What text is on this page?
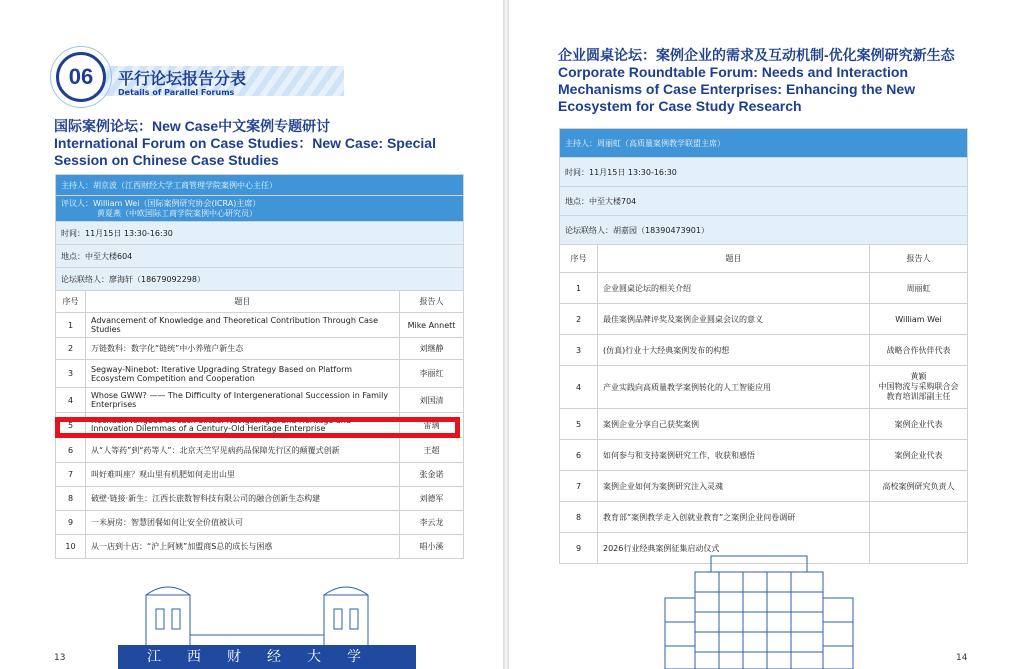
06	平行论坛报告分表
Details of Parallel Forums
国际案例论坛：New Case中文案例专题研讨
International Forum on Case Studies：New Case: Special
Session on Chinese Case Studies
主持人：胡京波（江西财经大学工商管理学院案例中心主任）		

评议人：William Wei（国际案例研究协会(ICRA)主席）
黄夏燕（中欧国际工商学院案例中心研究员）		

时间：11月15日 13:30-16:30		
地点：中至大楼604		
论坛联络人：廖海轩（18679092298）		
序号	题目	报告人
1	Advancement of Knowledge and Theoretical Contribution Through Case Studies	Mike Annett
2	万链数科：数字化“链统”中小养殖户新生态	刘继静
3	Segway-Ninebot: Iterative Upgrading Strategy Based on Platform Ecosystem Competition and Cooperation	李丽红
4	Whose GWW? —— The Difficulty of Intergenerational Succession in Family Enterprises	刘国清
5	Hechuan Yongbao’s Peach Slices: Navigating Brand Heritage and Innovation Dilemmas of a Century-Old Heritage Enterprise	雷璃
6	从“人等药”到“药等人”：北京天竺罕见病药品保障先行区的颠覆式创新	王超
7	叫好难叫座？观山里有机肥如何走出山里	张金诺
8	破壁·链接·新生：江西长旅数智科技有限公司的融合创新生态构建	刘德军
9	一米厨房：智慧团餐如何让安全价值被认可	李云龙
10	从一店到十店：“沪上阿姨”加盟商S总的成长与困惑	唱小溪
江西财经大学
13
企业圆桌论坛：案例企业的需求及互动机制-优化案例研究新生态
Corporate Roundtable Forum: Needs and Interaction
Mechanisms of Case Enterprises: Enhancing the New
Ecosystem for Case Study Research
主持人：周丽虹（高质量案例教学联盟主席）		
时间：11月15日 13:30-16:30		
地点：中至大楼704		
论坛联络人：胡嘉园（18390473901）		
序号	题目	报告人
1	企业圆桌论坛的相关介绍	周丽虹
2	最佳案例品牌评奖及案例企业圆桌会议的意义	William Wei
3	(仿真)行业十大经典案例发布的构想	战略合作伙伴代表
4	产业实践向高质量教学案例转化的人工智能应用	黄颖
中国物流与采购联合会
教育培训部副主任

5	案例企业分享自己获奖案例	案例企业代表
6	如何参与和支持案例研究工作，收获和感悟	案例企业代表
7	案例企业如何为案例研究注入灵魂	高校案例研究负责人
8	教育部“案例教学走入创就业教育”之案例企业问卷调研	
9	2026行业经典案例征集启动仪式	
14
